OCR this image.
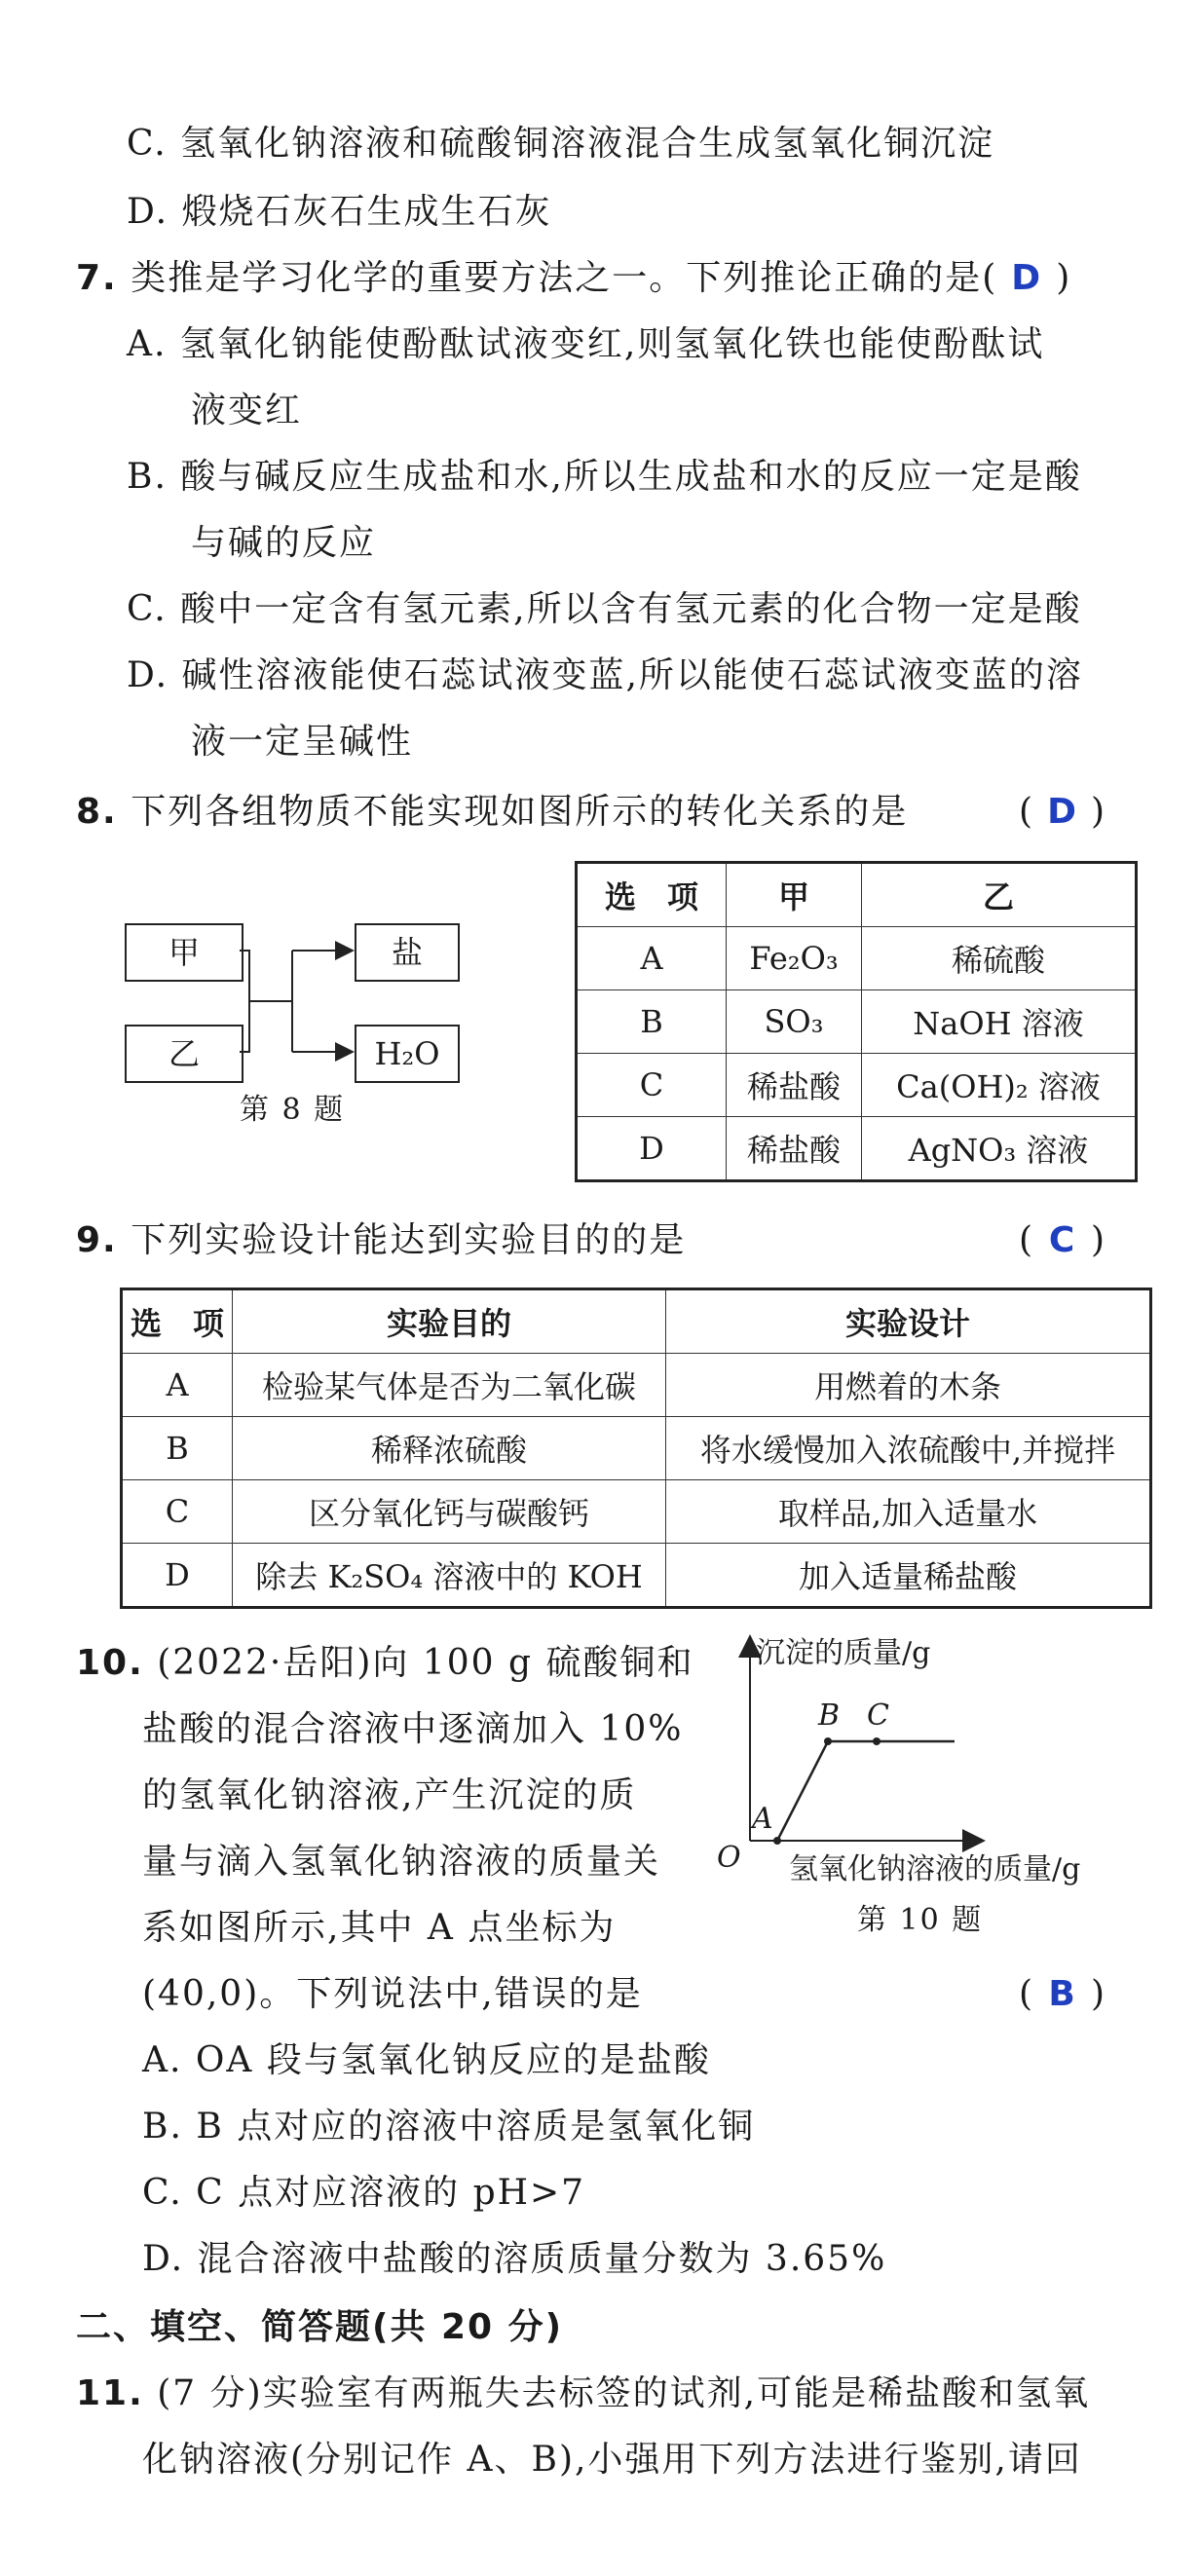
C. 氢氧化钠溶液和硫酸铜溶液混合生成氢氧化铜沉淀
D. 煅烧石灰石生成生石灰
7. 类推是学习化学的重要方法之一。下列推论正确的是( D )
A. 氢氧化钠能使酚酞试液变红,则氢氧化铁也能使酚酞试
液变红
B. 酸与碱反应生成盐和水,所以生成盐和水的反应一定是酸
与碱的反应
C. 酸中一定含有氢元素,所以含有氢元素的化合物一定是酸
D. 碱性溶液能使石蕊试液变蓝,所以能使石蕊试液变蓝的溶
液一定呈碱性
8. 下列各组物质不能实现如图所示的转化关系的是	( D )
甲
乙
盐
H₂O
第 8 题
选　项	甲	乙
A	Fe₂O₃	稀硫酸
B	SO₃	NaOH 溶液
C	稀盐酸	Ca(OH)₂ 溶液
D	稀盐酸	AgNO₃ 溶液
9. 下列实验设计能达到实验目的的是	( C )
选　项	实验目的	实验设计
A	检验某气体是否为二氧化碳	用燃着的木条
B	稀释浓硫酸	将水缓慢加入浓硫酸中,并搅拌
C	区分氧化钙与碳酸钙	取样品,加入适量水
D	除去 K₂SO₄ 溶液中的 KOH	加入适量稀盐酸
10. (2022·岳阳)向 100 g 硫酸铜和
盐酸的混合溶液中逐滴加入 10%
的氢氧化钠溶液,产生沉淀的质
量与滴入氢氧化钠溶液的质量关
系如图所示,其中 A 点坐标为
(40,0)。下列说法中,错误的是	( B )
沉淀的质量/g
O
A
B C
氢氧化钠溶液的质量/g
第 10 题
A. OA 段与氢氧化钠反应的是盐酸
B. B 点对应的溶液中溶质是氢氧化铜
C. C 点对应溶液的 pH>7
D. 混合溶液中盐酸的溶质质量分数为 3.65%
二、填空、简答题(共 20 分)
11. (7 分)实验室有两瓶失去标签的试剂,可能是稀盐酸和氢氧
化钠溶液(分别记作 A、B),小强用下列方法进行鉴别,请回
